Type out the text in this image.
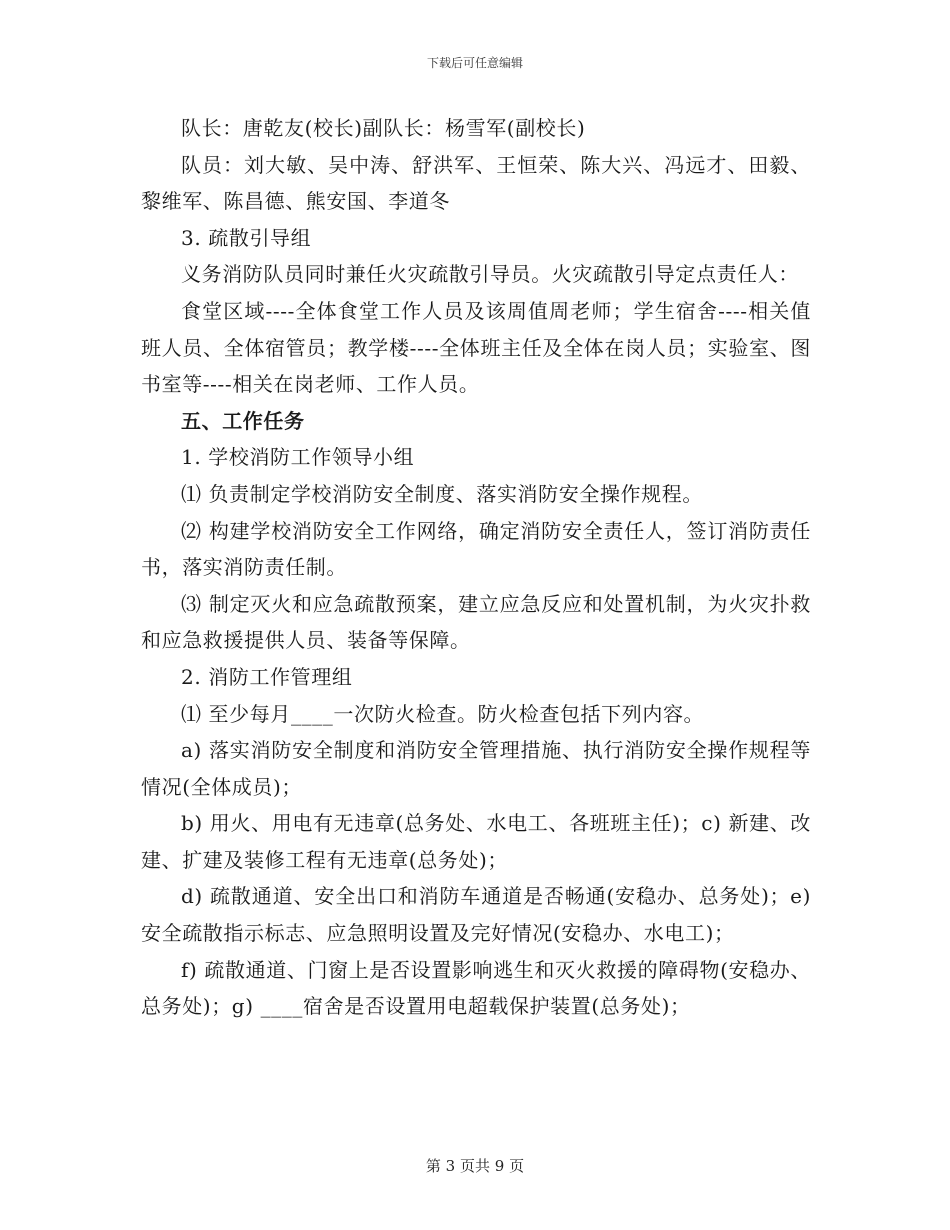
下载后可任意编辑

队长：唐乾友(校长)副队长：杨雪军(副校长)

队员：刘大敏、吴中涛、舒洪军、王恒荣、陈大兴、冯远才、田毅、黎维军、陈昌德、熊安国、李道冬

3. 疏散引导组

义务消防队员同时兼任火灾疏散引导员。火灾疏散引导定点责任人：

食堂区域----全体食堂工作人员及该周值周老师；学生宿舍----相关值班人员、全体宿管员；教学楼----全体班主任及全体在岗人员；实验室、图书室等----相关在岗老师、工作人员。

五、工作任务

1. 学校消防工作领导小组

⑴ 负责制定学校消防安全制度、落实消防安全操作规程。

⑵ 构建学校消防安全工作网络，确定消防安全责任人，签订消防责任书，落实消防责任制。

⑶ 制定灭火和应急疏散预案，建立应急反应和处置机制，为火灾扑救和应急救援提供人员、装备等保障。

2. 消防工作管理组

⑴ 至少每月____一次防火检查。防火检查包括下列内容。

a) 落实消防安全制度和消防安全管理措施、执行消防安全操作规程等情况(全体成员)；

b) 用火、用电有无违章(总务处、水电工、各班班主任)；c) 新建、改建、扩建及装修工程有无违章(总务处)；

d) 疏散通道、安全出口和消防车通道是否畅通(安稳办、总务处)；e) 安全疏散指示标志、应急照明设置及完好情况(安稳办、水电工)；

f) 疏散通道、门窗上是否设置影响逃生和灭火救援的障碍物(安稳办、总务处)；g) ____宿舍是否设置用电超载保护装置(总务处)；

第 3 页共 9 页
